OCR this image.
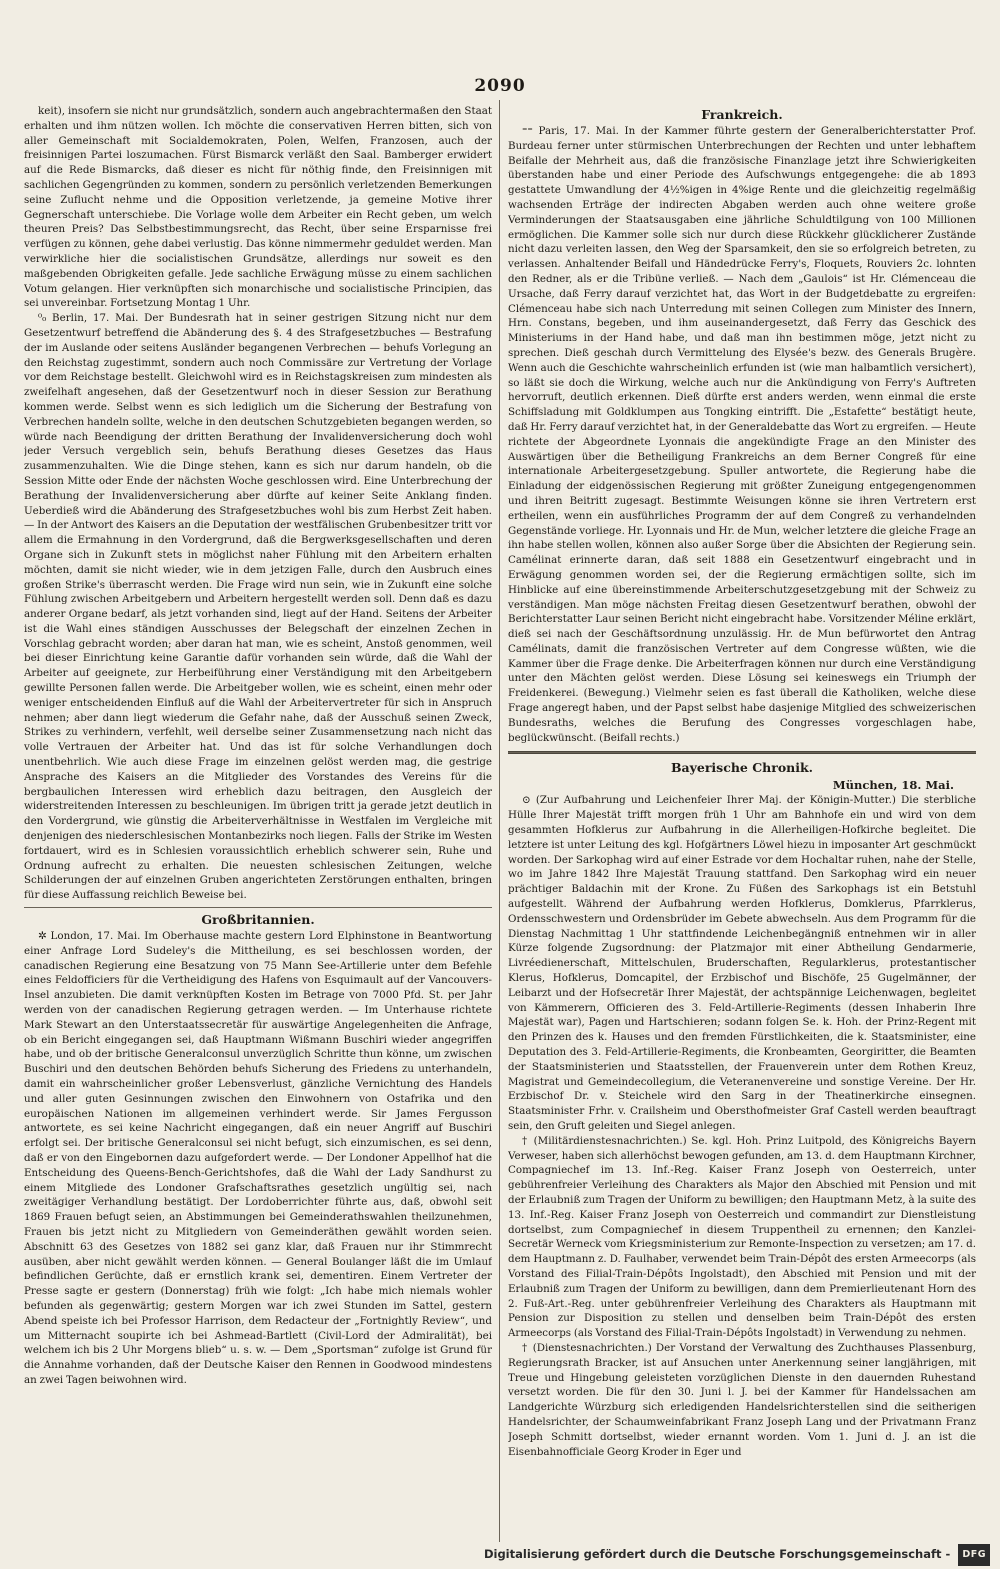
2090

keit), insofern sie nicht nur grundsätzlich, sondern auch angebrachtermaßen den Staat erhalten und ihm nützen wollen. Ich möchte die conservativen Herren bitten, sich von aller Gemeinschaft mit Socialdemokraten, Polen, Welfen, Franzosen, auch der freisinnigen Partei loszumachen. Fürst Bismarck verläßt den Saal. Bamberger erwidert auf die Rede Bismarcks, daß dieser es nicht für nöthig finde, den Freisinnigen mit sachlichen Gegengründen zu kommen, sondern zu persönlich verletzenden Bemerkungen seine Zuflucht nehme und die Opposition verletzende, ja gemeine Motive ihrer Gegnerschaft unterschiebe. Die Vorlage wolle dem Arbeiter ein Recht geben, um welch theuren Preis? Das Selbstbestimmungsrecht, das Recht, über seine Ersparnisse frei verfügen zu können, gehe dabei verlustig. Das könne nimmermehr geduldet werden. Man verwirkliche hier die socialistischen Grundsätze, allerdings nur soweit es den maßgebenden Obrigkeiten gefalle. Jede sachliche Erwägung müsse zu einem sachlichen Votum gelangen. Hier verknüpften sich monarchische und socialistische Principien, das sei unvereinbar. Fortsetzung Montag 1 Uhr.

⁰₀ Berlin, 17. Mai. Der Bundesrath hat in seiner gestrigen Sitzung nicht nur dem Gesetzentwurf betreffend die Abänderung des §. 4 des Strafgesetzbuches — Bestrafung der im Auslande oder seitens Ausländer begangenen Verbrechen — behufs Vorlegung an den Reichstag zugestimmt, sondern auch noch Commissäre zur Vertretung der Vorlage vor dem Reichstage bestellt. Gleichwohl wird es in Reichstagskreisen zum mindesten als zweifelhaft angesehen, daß der Gesetzentwurf noch in dieser Session zur Berathung kommen werde. Selbst wenn es sich lediglich um die Sicherung der Bestrafung von Verbrechen handeln sollte, welche in den deutschen Schutzgebieten begangen werden, so würde nach Beendigung der dritten Berathung der Invalidenversicherung doch wohl jeder Versuch vergeblich sein, behufs Berathung dieses Gesetzes das Haus zusammenzuhalten. Wie die Dinge stehen, kann es sich nur darum handeln, ob die Session Mitte oder Ende der nächsten Woche geschlossen wird. Eine Unterbrechung der Berathung der Invalidenversicherung aber dürfte auf keiner Seite Anklang finden. Ueberdieß wird die Abänderung des Strafgesetzbuches wohl bis zum Herbst Zeit haben. — In der Antwort des Kaisers an die Deputation der westfälischen Grubenbesitzer tritt vor allem die Ermahnung in den Vordergrund, daß die Bergwerksgesellschaften und deren Organe sich in Zukunft stets in möglichst naher Fühlung mit den Arbeitern erhalten möchten, damit sie nicht wieder, wie in dem jetzigen Falle, durch den Ausbruch eines großen Strike's überrascht werden. Die Frage wird nun sein, wie in Zukunft eine solche Fühlung zwischen Arbeitgebern und Arbeitern hergestellt werden soll. Denn daß es dazu anderer Organe bedarf, als jetzt vorhanden sind, liegt auf der Hand. Seitens der Arbeiter ist die Wahl eines ständigen Ausschusses der Belegschaft der einzelnen Zechen in Vorschlag gebracht worden; aber daran hat man, wie es scheint, Anstoß genommen, weil bei dieser Einrichtung keine Garantie dafür vorhanden sein würde, daß die Wahl der Arbeiter auf geeignete, zur Herbeiführung einer Verständigung mit den Arbeitgebern gewillte Personen fallen werde. Die Arbeitgeber wollen, wie es scheint, einen mehr oder weniger entscheidenden Einfluß auf die Wahl der Arbeitervertreter für sich in Anspruch nehmen; aber dann liegt wiederum die Gefahr nahe, daß der Ausschuß seinen Zweck, Strikes zu verhindern, verfehlt, weil derselbe seiner Zusammensetzung nach nicht das volle Vertrauen der Arbeiter hat. Und das ist für solche Verhandlungen doch unentbehrlich. Wie auch diese Frage im einzelnen gelöst werden mag, die gestrige Ansprache des Kaisers an die Mitglieder des Vorstandes des Vereins für die bergbaulichen Interessen wird erheblich dazu beitragen, den Ausgleich der widerstreitenden Interessen zu beschleunigen. Im übrigen tritt ja gerade jetzt deutlich in den Vordergrund, wie günstig die Arbeiterverhältnisse in Westfalen im Vergleiche mit denjenigen des niederschlesischen Montanbezirks noch liegen. Falls der Strike im Westen fortdauert, wird es in Schlesien voraussichtlich erheblich schwerer sein, Ruhe und Ordnung aufrecht zu erhalten. Die neuesten schlesischen Zeitungen, welche Schilderungen der auf einzelnen Gruben angerichteten Zerstörungen enthalten, bringen für diese Auffassung reichlich Beweise bei.

Großbritannien.

✲ London, 17. Mai. Im Oberhause machte gestern Lord Elphinstone in Beantwortung einer Anfrage Lord Sudeley's die Mittheilung, es sei beschlossen worden, der canadischen Regierung eine Besatzung von 75 Mann See-Artillerie unter dem Befehle eines Feldofficiers für die Vertheidigung des Hafens von Esquimault auf der Vancouvers-Insel anzubieten. Die damit verknüpften Kosten im Betrage von 7000 Pfd. St. per Jahr werden von der canadischen Regierung getragen werden. — Im Unterhause richtete Mark Stewart an den Unterstaatssecretär für auswärtige Angelegenheiten die Anfrage, ob ein Bericht eingegangen sei, daß Hauptmann Wißmann Buschiri wieder angegriffen habe, und ob der britische Generalconsul unverzüglich Schritte thun könne, um zwischen Buschiri und den deutschen Behörden behufs Sicherung des Friedens zu unterhandeln, damit ein wahrscheinlicher großer Lebensverlust, gänzliche Vernichtung des Handels und aller guten Gesinnungen zwischen den Einwohnern von Ostafrika und den europäischen Nationen im allgemeinen verhindert werde. Sir James Fergusson antwortete, es sei keine Nachricht eingegangen, daß ein neuer Angriff auf Buschiri erfolgt sei. Der britische Generalconsul sei nicht befugt, sich einzumischen, es sei denn, daß er von den Eingebornen dazu aufgefordert werde. — Der Londoner Appellhof hat die Entscheidung des Queens-Bench-Gerichtshofes, daß die Wahl der Lady Sandhurst zu einem Mitgliede des Londoner Grafschaftsrathes gesetzlich ungültig sei, nach zweitägiger Verhandlung bestätigt. Der Lordoberrichter führte aus, daß, obwohl seit 1869 Frauen befugt seien, an Abstimmungen bei Gemeinderathswahlen theilzunehmen, Frauen bis jetzt nicht zu Mitgliedern von Gemeinderäthen gewählt worden seien. Abschnitt 63 des Gesetzes von 1882 sei ganz klar, daß Frauen nur ihr Stimmrecht ausüben, aber nicht gewählt werden können. — General Boulanger läßt die im Umlauf befindlichen Gerüchte, daß er ernstlich krank sei, dementiren. Einem Vertreter der Presse sagte er gestern (Donnerstag) früh wie folgt: „Ich habe mich niemals wohler befunden als gegenwärtig; gestern Morgen war ich zwei Stunden im Sattel, gestern Abend speiste ich bei Professor Harrison, dem Redacteur der „Fortnightly Review“, und um Mitternacht soupirte ich bei Ashmead-Bartlett (Civil-Lord der Admiralität), bei welchem ich bis 2 Uhr Morgens blieb“ u. s. w. — Dem „Sportsman“ zufolge ist Grund für die Annahme vorhanden, daß der Deutsche Kaiser den Rennen in Goodwood mindestens an zwei Tagen beiwohnen wird.

Frankreich.

⁼⁼ Paris, 17. Mai. In der Kammer führte gestern der Generalberichterstatter Prof. Burdeau ferner unter stürmischen Unterbrechungen der Rechten und unter lebhaftem Beifalle der Mehrheit aus, daß die französische Finanzlage jetzt ihre Schwierigkeiten überstanden habe und einer Periode des Aufschwungs entgegengehe: die ab 1893 gestattete Umwandlung der 4½%igen in 4%ige Rente und die gleichzeitig regelmäßig wachsenden Erträge der indirecten Abgaben werden auch ohne weitere große Verminderungen der Staatsausgaben eine jährliche Schuldtilgung von 100 Millionen ermöglichen. Die Kammer solle sich nur durch diese Rückkehr glücklicherer Zustände nicht dazu verleiten lassen, den Weg der Sparsamkeit, den sie so erfolgreich betreten, zu verlassen. Anhaltender Beifall und Händedrücke Ferry's, Floquets, Rouviers 2c. lohnten den Redner, als er die Tribüne verließ. — Nach dem „Gaulois“ ist Hr. Clémenceau die Ursache, daß Ferry darauf verzichtet hat, das Wort in der Budgetdebatte zu ergreifen: Clémenceau habe sich nach Unterredung mit seinen Collegen zum Minister des Innern, Hrn. Constans, begeben, und ihm auseinandergesetzt, daß Ferry das Geschick des Ministeriums in der Hand habe, und daß man ihn bestimmen möge, jetzt nicht zu sprechen. Dieß geschah durch Vermittelung des Elysée's bezw. des Generals Brugère. Wenn auch die Geschichte wahrscheinlich erfunden ist (wie man halbamtlich versichert), so läßt sie doch die Wirkung, welche auch nur die Ankündigung von Ferry's Auftreten hervorruft, deutlich erkennen. Dieß dürfte erst anders werden, wenn einmal die erste Schiffsladung mit Goldklumpen aus Tongking eintrifft. Die „Estafette“ bestätigt heute, daß Hr. Ferry darauf verzichtet hat, in der Generaldebatte das Wort zu ergreifen. — Heute richtete der Abgeordnete Lyonnais die angekündigte Frage an den Minister des Auswärtigen über die Betheiligung Frankreichs an dem Berner Congreß für eine internationale Arbeitergesetzgebung. Spuller antwortete, die Regierung habe die Einladung der eidgenössischen Regierung mit größter Zuneigung entgegengenommen und ihren Beitritt zugesagt. Bestimmte Weisungen könne sie ihren Vertretern erst ertheilen, wenn ein ausführliches Programm der auf dem Congreß zu verhandelnden Gegenstände vorliege. Hr. Lyonnais und Hr. de Mun, welcher letztere die gleiche Frage an ihn habe stellen wollen, können also außer Sorge über die Absichten der Regierung sein. Camélinat erinnerte daran, daß seit 1888 ein Gesetzentwurf eingebracht und in Erwägung genommen worden sei, der die Regierung ermächtigen sollte, sich im Hinblicke auf eine übereinstimmende Arbeiterschutzgesetzgebung mit der Schweiz zu verständigen. Man möge nächsten Freitag diesen Gesetzentwurf berathen, obwohl der Berichterstatter Laur seinen Bericht nicht eingebracht habe. Vorsitzender Méline erklärt, dieß sei nach der Geschäftsordnung unzulässig. Hr. de Mun befürwortet den Antrag Camélinats, damit die französischen Vertreter auf dem Congresse wüßten, wie die Kammer über die Frage denke. Die Arbeiterfragen können nur durch eine Verständigung unter den Mächten gelöst werden. Diese Lösung sei keineswegs ein Triumph der Freidenkerei. (Bewegung.) Vielmehr seien es fast überall die Katholiken, welche diese Frage angeregt haben, und der Papst selbst habe dasjenige Mitglied des schweizerischen Bundesraths, welches die Berufung des Congresses vorgeschlagen habe, beglückwünscht. (Beifall rechts.)

Bayerische Chronik.
München, 18. Mai.

⊙ (Zur Aufbahrung und Leichenfeier Ihrer Maj. der Königin-Mutter.) Die sterbliche Hülle Ihrer Majestät trifft morgen früh 1 Uhr am Bahnhofe ein und wird von dem gesammten Hofklerus zur Aufbahrung in die Allerheiligen-Hofkirche begleitet. Die letztere ist unter Leitung des kgl. Hofgärtners Löwel hiezu in imposanter Art geschmückt worden. Der Sarkophag wird auf einer Estrade vor dem Hochaltar ruhen, nahe der Stelle, wo im Jahre 1842 Ihre Majestät Trauung stattfand. Den Sarkophag wird ein neuer prächtiger Baldachin mit der Krone. Zu Füßen des Sarkophags ist ein Betstuhl aufgestellt. Während der Aufbahrung werden Hofklerus, Domklerus, Pfarrklerus, Ordensschwestern und Ordensbrüder im Gebete abwechseln. Aus dem Programm für die Dienstag Nachmittag 1 Uhr stattfindende Leichenbegängniß entnehmen wir in aller Kürze folgende Zugsordnung: der Platzmajor mit einer Abtheilung Gendarmerie, Livréedienerschaft, Mittelschulen, Bruderschaften, Regularklerus, protestantischer Klerus, Hofklerus, Domcapitel, der Erzbischof und Bischöfe, 25 Gugelmänner, der Leibarzt und der Hofsecretär Ihrer Majestät, der achtspännige Leichenwagen, begleitet von Kämmerern, Officieren des 3. Feld-Artillerie-Regiments (dessen Inhaberin Ihre Majestät war), Pagen und Hartschieren; sodann folgen Se. k. Hoh. der Prinz-Regent mit den Prinzen des k. Hauses und den fremden Fürstlichkeiten, die k. Staatsminister, eine Deputation des 3. Feld-Artillerie-Regiments, die Kronbeamten, Georgiritter, die Beamten der Staatsministerien und Staatsstellen, der Frauenverein unter dem Rothen Kreuz, Magistrat und Gemeindecollegium, die Veteranenvereine und sonstige Vereine. Der Hr. Erzbischof Dr. v. Steichele wird den Sarg in der Theatinerkirche einsegnen. Staatsminister Frhr. v. Crailsheim und Obersthofmeister Graf Castell werden beauftragt sein, den Gruft geleiten und Siegel anlegen.

† (Militärdienstesnachrichten.) Se. kgl. Hoh. Prinz Luitpold, des Königreichs Bayern Verweser, haben sich allerhöchst bewogen gefunden, am 13. d. dem Hauptmann Kirchner, Compagniechef im 13. Inf.-Reg. Kaiser Franz Joseph von Oesterreich, unter gebührenfreier Verleihung des Charakters als Major den Abschied mit Pension und mit der Erlaubniß zum Tragen der Uniform zu bewilligen; den Hauptmann Metz, à la suite des 13. Inf.-Reg. Kaiser Franz Joseph von Oesterreich und commandirt zur Dienstleistung dortselbst, zum Compagniechef in diesem Truppentheil zu ernennen; den Kanzlei-Secretär Werneck vom Kriegsministerium zur Remonte-Inspection zu versetzen; am 17. d. dem Hauptmann z. D. Faulhaber, verwendet beim Train-Dépôt des ersten Armeecorps (als Vorstand des Filial-Train-Dépôts Ingolstadt), den Abschied mit Pension und mit der Erlaubniß zum Tragen der Uniform zu bewilligen, dann dem Premierlieutenant Horn des 2. Fuß-Art.-Reg. unter gebührenfreier Verleihung des Charakters als Hauptmann mit Pension zur Disposition zu stellen und denselben beim Train-Dépôt des ersten Armeecorps (als Vorstand des Filial-Train-Dépôts Ingolstadt) in Verwendung zu nehmen.

† (Dienstesnachrichten.) Der Vorstand der Verwaltung des Zuchthauses Plassenburg, Regierungsrath Bracker, ist auf Ansuchen unter Anerkennung seiner langjährigen, mit Treue und Hingebung geleisteten vorzüglichen Dienste in den dauernden Ruhestand versetzt worden. Die für den 30. Juni l. J. bei der Kammer für Handelssachen am Landgerichte Würzburg sich erledigenden Handelsrichterstellen sind die seitherigen Handelsrichter, der Schaumweinfabrikant Franz Joseph Lang und der Privatmann Franz Joseph Schmitt dortselbst, wieder ernannt worden. Vom 1. Juni d. J. an ist die Eisenbahnofficiale Georg Kroder in Eger und

Digitalisierung gefördert durch die Deutsche Forschungsgemeinschaft - DFG
